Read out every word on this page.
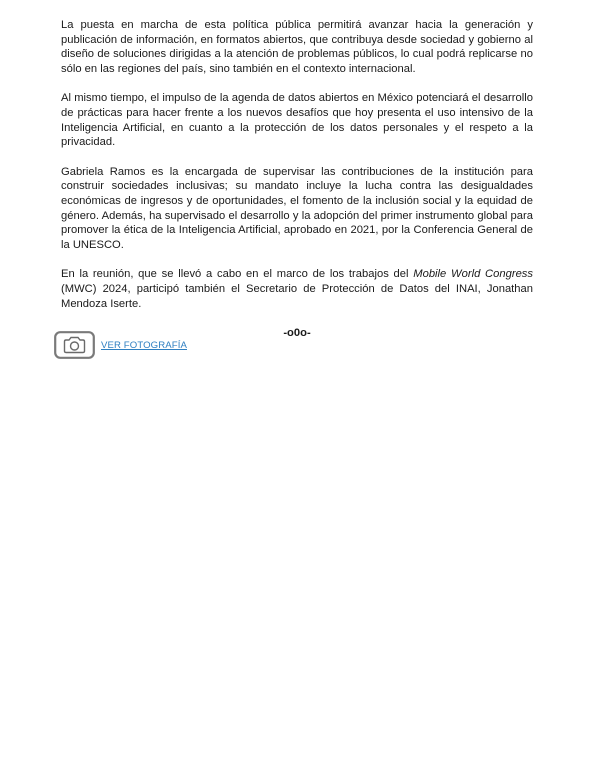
La puesta en marcha de esta política pública permitirá avanzar hacia la generación y publicación de información, en formatos abiertos, que contribuya desde sociedad y gobierno al diseño de soluciones dirigidas a la atención de problemas públicos, lo cual podrá replicarse no sólo en las regiones del país, sino también en el contexto internacional.

Al mismo tiempo, el impulso de la agenda de datos abiertos en México potenciará el desarrollo de prácticas para hacer frente a los nuevos desafíos que hoy presenta el uso intensivo de la Inteligencia Artificial, en cuanto a la protección de los datos personales y el respeto a la privacidad.

Gabriela Ramos es la encargada de supervisar las contribuciones de la institución para construir sociedades inclusivas; su mandato incluye la lucha contra las desigualdades económicas de ingresos y de oportunidades, el fomento de la inclusión social y la equidad de género. Además, ha supervisado el desarrollo y la adopción del primer instrumento global para promover la ética de la Inteligencia Artificial, aprobado en 2021, por la Conferencia General de la UNESCO.

En la reunión, que se llevó a cabo en el marco de los trabajos del Mobile World Congress (MWC) 2024, participó también el Secretario de Protección de Datos del INAI, Jonathan Mendoza Iserte.

-o0o-

VER FOTOGRAFÍA
